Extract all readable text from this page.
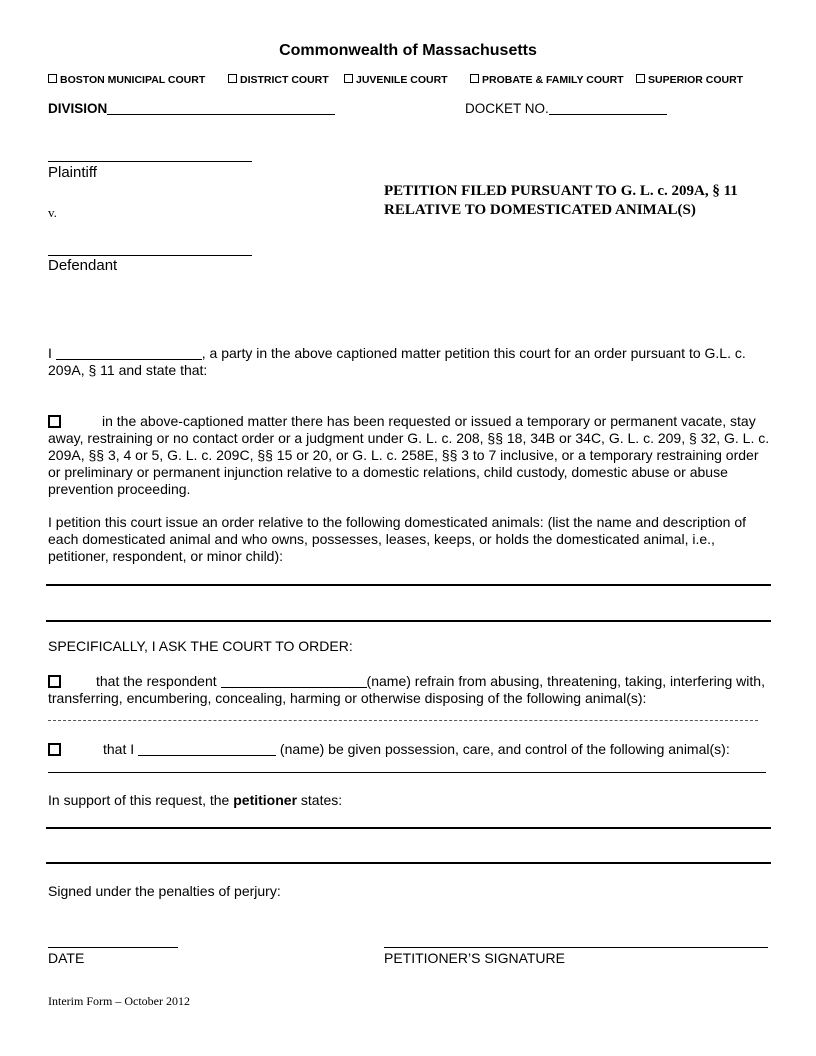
Commonwealth of Massachusetts
BOSTON MUNICIPAL COURT	DISTRICT COURT	JUVENILE COURT	PROBATE & FAMILY COURT	SUPERIOR COURT
DIVISION	DOCKET NO.
Plaintiff
PETITION FILED PURSUANT TO G. L. c. 209A, § 11
RELATIVE TO DOMESTICATED ANIMAL(S)
v.
Defendant
I	, a party in the above captioned matter petition this court for an order pursuant to G.L. c. 209A, § 11 and state that:
in the above-captioned matter there has been requested or issued a temporary or permanent vacate, stay away, restraining or no contact order or a judgment under G. L. c. 208, §§ 18, 34B or 34C, G. L. c. 209, § 32, G. L. c. 209A, §§ 3, 4 or 5, G. L. c. 209C, §§ 15 or 20, or G. L. c. 258E, §§ 3 to 7 inclusive, or a temporary restraining order or preliminary or permanent injunction relative to a domestic relations, child custody, domestic abuse or abuse prevention proceeding.
I petition this court issue an order relative to the following domesticated animals: (list the name and description of each domesticated animal and who owns, possesses, leases, keeps, or holds the domesticated animal, i.e., petitioner, respondent, or minor child):
SPECIFICALLY, I ASK THE COURT TO ORDER:
that the respondent	(name) refrain from abusing, threatening, taking, interfering with, transferring, encumbering, concealing, harming or otherwise disposing of the following animal(s):
that I	(name) be given possession, care, and control of the following animal(s):
In support of this request, the petitioner states:
Signed under the penalties of perjury:
DATE	PETITIONER’S SIGNATURE
Interim Form – October 2012
